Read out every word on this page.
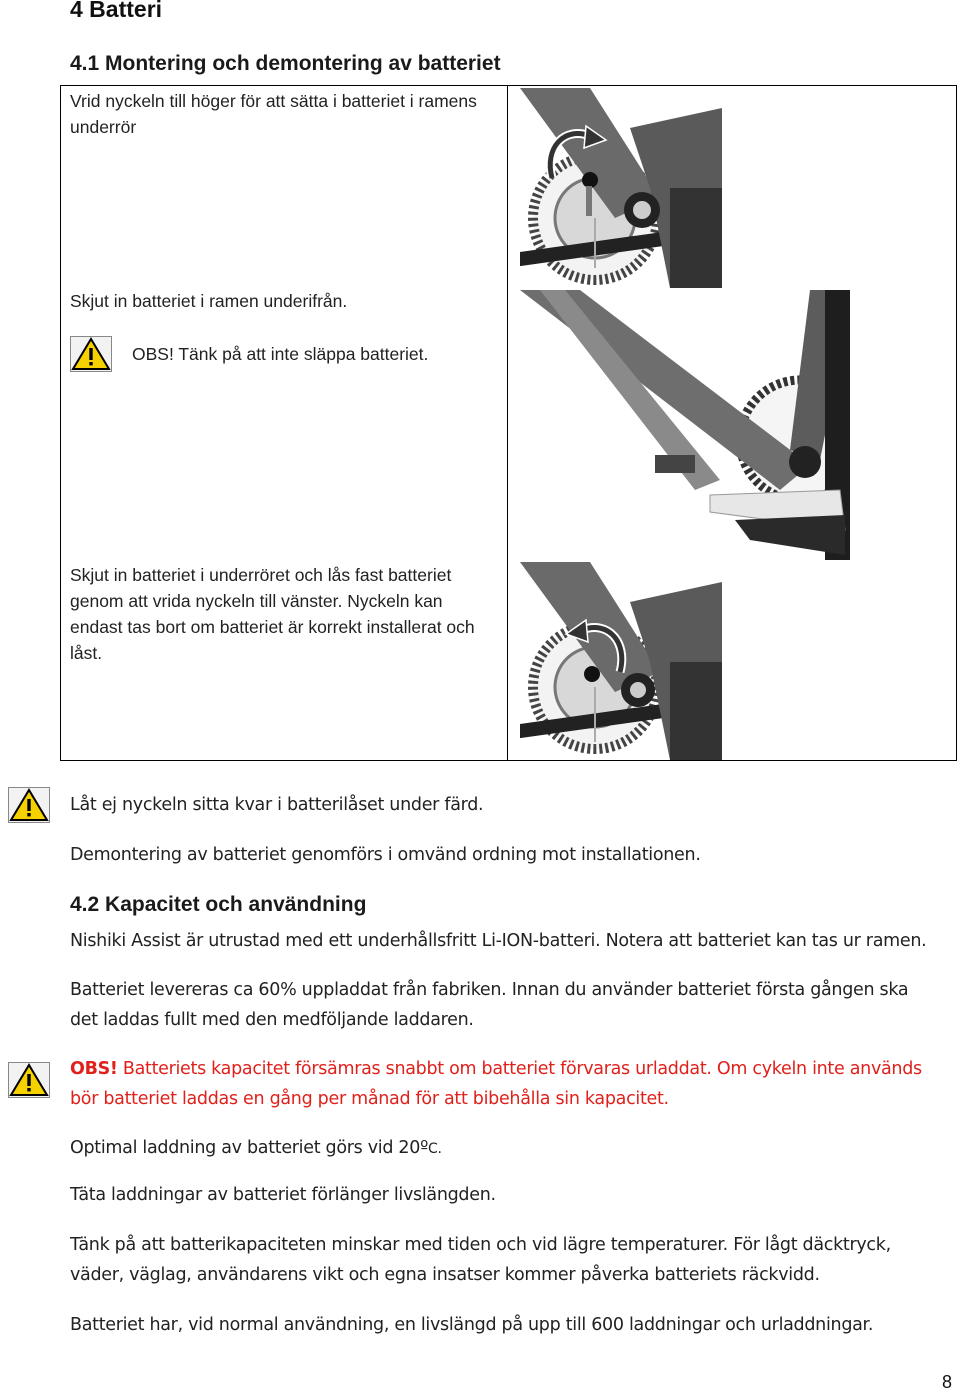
4 Batteri
4.1 Montering och demontering av batteriet
Vrid nyckeln till höger för att sätta i batteriet i ramens underrör
Skjut in batteriet i ramen underifrån.
OBS! Tänk på att inte släppa batteriet.
Skjut in batteriet i underröret och lås fast batteriet genom att vrida nyckeln till vänster. Nyckeln kan endast tas bort om batteriet är korrekt installerat och låst.
Låt ej nyckeln sitta kvar i batterilåset under färd.
Demontering av batteriet genomförs i omvänd ordning mot installationen.
4.2 Kapacitet och användning
Nishiki Assist är utrustad med ett underhållsfritt Li-ION-batteri. Notera att batteriet kan tas ur ramen.
Batteriet levereras ca 60% uppladdat från fabriken. Innan du använder batteriet första gången ska det laddas fullt med den medföljande laddaren.
OBS! Batteriets kapacitet försämras snabbt om batteriet förvaras urladdat. Om cykeln inte används bör batteriet laddas en gång per månad för att bibehålla sin kapacitet.
Optimal laddning av batteriet görs vid 20ºC.
Täta laddningar av batteriet förlänger livslängden.
Tänk på att batterikapaciteten minskar med tiden och vid lägre temperaturer. För lågt däcktryck, väder, väglag, användarens vikt och egna insatser kommer påverka batteriets räckvidd.
Batteriet har, vid normal användning, en livslängd på upp till 600 laddningar och urladdningar.
8
